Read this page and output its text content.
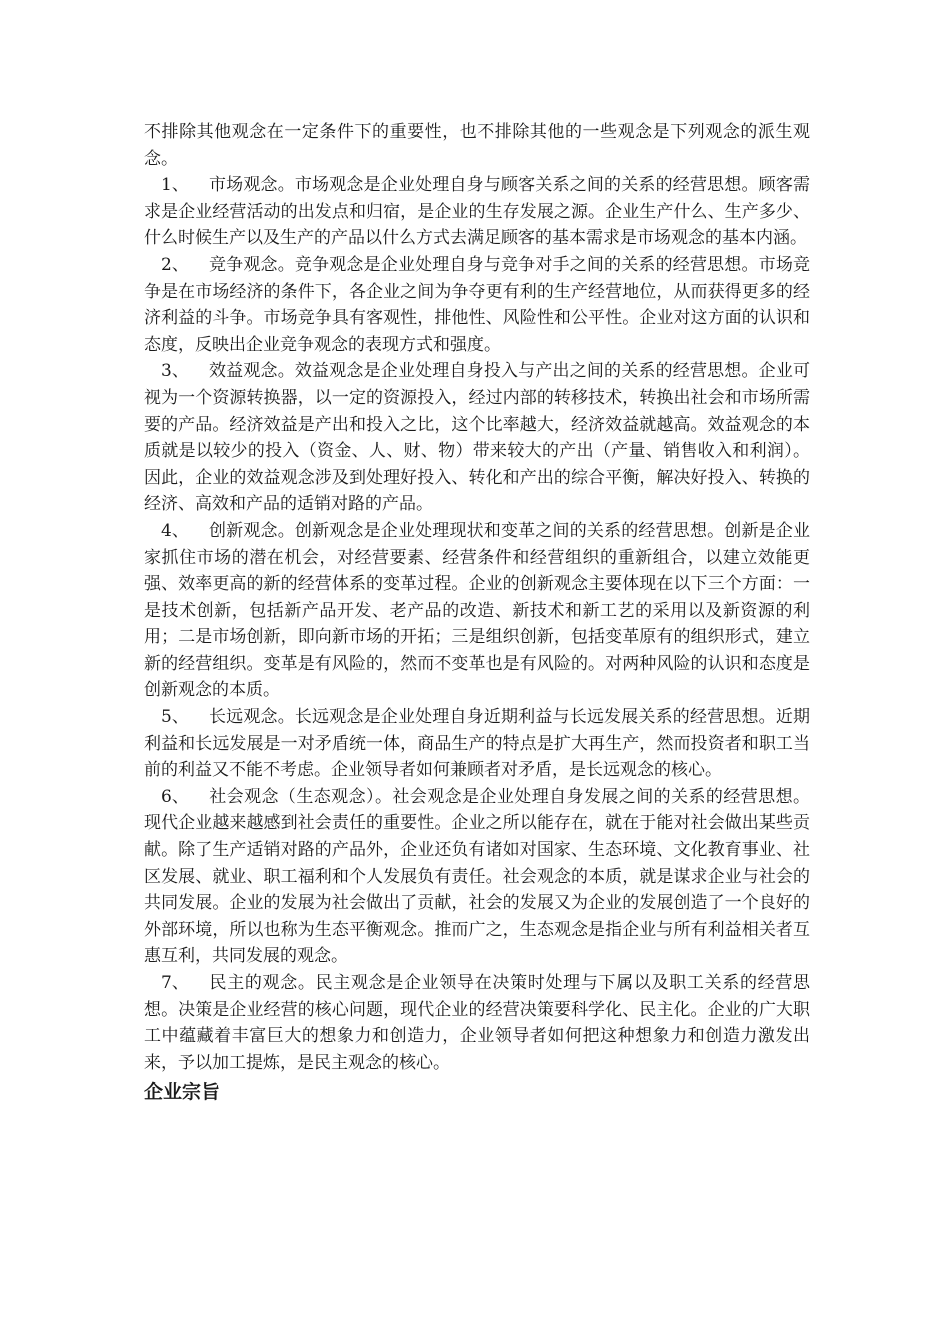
不排除其他观念在一定条件下的重要性，也不排除其他的一些观念是下列观念的派生观念。

1、 市场观念。市场观念是企业处理自身与顾客关系之间的关系的经营思想。顾客需求是企业经营活动的出发点和归宿，是企业的生存发展之源。企业生产什么、生产多少、什么时候生产以及生产的产品以什么方式去满足顾客的基本需求是市场观念的基本内涵。

2、 竞争观念。竞争观念是企业处理自身与竞争对手之间的关系的经营思想。市场竞争是在市场经济的条件下，各企业之间为争夺更有利的生产经营地位，从而获得更多的经济利益的斗争。市场竞争具有客观性，排他性、风险性和公平性。企业对这方面的认识和态度，反映出企业竞争观念的表现方式和强度。

3、 效益观念。效益观念是企业处理自身投入与产出之间的关系的经营思想。企业可视为一个资源转换器，以一定的资源投入，经过内部的转移技术，转换出社会和市场所需要的产品。经济效益是产出和投入之比，这个比率越大，经济效益就越高。效益观念的本质就是以较少的投入（资金、人、财、物）带来较大的产出（产量、销售收入和利润）。因此，企业的效益观念涉及到处理好投入、转化和产出的综合平衡，解决好投入、转换的经济、高效和产品的适销对路的产品。

4、 创新观念。创新观念是企业处理现状和变革之间的关系的经营思想。创新是企业家抓住市场的潜在机会，对经营要素、经营条件和经营组织的重新组合，以建立效能更强、效率更高的新的经营体系的变革过程。企业的创新观念主要体现在以下三个方面：一是技术创新，包括新产品开发、老产品的改造、新技术和新工艺的采用以及新资源的利用；二是市场创新，即向新市场的开拓；三是组织创新，包括变革原有的组织形式，建立新的经营组织。变革是有风险的，然而不变革也是有风险的。对两种风险的认识和态度是创新观念的本质。

5、 长远观念。长远观念是企业处理自身近期利益与长远发展关系的经营思想。近期利益和长远发展是一对矛盾统一体，商品生产的特点是扩大再生产，然而投资者和职工当前的利益又不能不考虑。企业领导者如何兼顾者对矛盾，是长远观念的核心。

6、 社会观念（生态观念）。社会观念是企业处理自身发展之间的关系的经营思想。现代企业越来越感到社会责任的重要性。企业之所以能存在，就在于能对社会做出某些贡献。除了生产适销对路的产品外，企业还负有诸如对国家、生态环境、文化教育事业、社区发展、就业、职工福利和个人发展负有责任。社会观念的本质，就是谋求企业与社会的共同发展。企业的发展为社会做出了贡献，社会的发展又为企业的发展创造了一个良好的外部环境，所以也称为生态平衡观念。推而广之，生态观念是指企业与所有利益相关者互惠互利，共同发展的观念。

7、 民主的观念。民主观念是企业领导在决策时处理与下属以及职工关系的经营思想。决策是企业经营的核心问题，现代企业的经营决策要科学化、民主化。企业的广大职工中蕴藏着丰富巨大的想象力和创造力，企业领导者如何把这种想象力和创造力激发出来，予以加工提炼，是民主观念的核心。

企业宗旨
